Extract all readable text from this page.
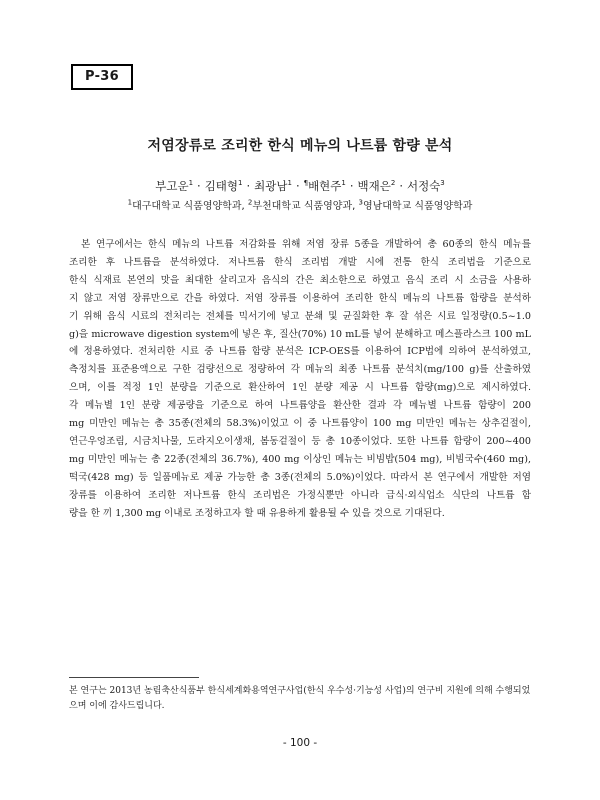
P-36
저염장류로 조리한 한식 메뉴의 나트륨 함량 분석
부고운$^1$ · 김태형$^1$ · 최광남$^1$ · ¶배현주$^1$ · 백재은$^2$ · 서정숙$^3$
$^1$대구대학교 식품영양학과, $^2$부천대학교 식품영양과, $^3$영남대학교 식품영양학과
본 연구에서는 한식 메뉴의 나트륨 저감화를 위해 저염 장류 5종을 개발하여 총 60종의 한식 메뉴를
조리한 후 나트륨을 분석하였다. 저나트륨 한식 조리법 개발 시에 전통 한식 조리법을 기준으로
한식 식재료 본연의 맛을 최대한 살리고자 음식의 간은 최소한으로 하였고 음식 조리 시 소금을 사용하
지 않고 저염 장류만으로 간을 하였다. 저염 장류를 이용하여 조리한 한식 메뉴의 나트륨 함량을 분석하
기 위해 음식 시료의 전처리는 전체를 믹서기에 넣고 분쇄 및 균질화한 후 잘 섞은 시료 일정량(0.5~1.0
g)을 microwave digestion system에 넣은 후, 질산(70%) 10 mL를 넣어 분해하고 메스플라스크 100 mL
에 정용하였다. 전처리한 시료 중 나트륨 함량 분석은 ICP-OES를 이용하여 ICP법에 의하여 분석하였고,
측정치를 표준용액으로 구한 검량선으로 정량하여 각 메뉴의 최종 나트륨 분석치(mg/100 g)를 산출하였
으며, 이를 적정 1인 분량을 기준으로 환산하여 1인 분량 제공 시 나트륨 함량(mg)으로 제시하였다.
각 메뉴별 1인 분량 제공량을 기준으로 하여 나트륨양을 환산한 결과 각 메뉴별 나트륨 함량이 200
mg 미만인 메뉴는 총 35종(전체의 58.3%)이었고 이 중 나트륨양이 100 mg 미만인 메뉴는 상추겉절이,
연근우엉조림, 시금치나물, 도라지오이생채, 봄동겉절이 등 총 10종이었다. 또한 나트륨 함량이 200~400
mg 미만인 메뉴는 총 22종(전체의 36.7%), 400 mg 이상인 메뉴는 비빔밥(504 mg), 비빔국수(460 mg),
떡국(428 mg) 등 일품메뉴로 제공 가능한 총 3종(전체의 5.0%)이었다. 따라서 본 연구에서 개발한 저염
장류를 이용하여 조리한 저나트륨 한식 조리법은 가정식뿐만 아니라 급식·외식업소 식단의 나트륨 함
량을 한 끼 1,300 mg 이내로 조정하고자 할 때 유용하게 활용될 수 있을 것으로 기대된다.
본 연구는 2013년 농림축산식품부 한식세계화용역연구사업(한식 우수성·기능성 사업)의 연구비 지원에 의해 수행되었으며 이에 감사드립니다.
- 100 -
